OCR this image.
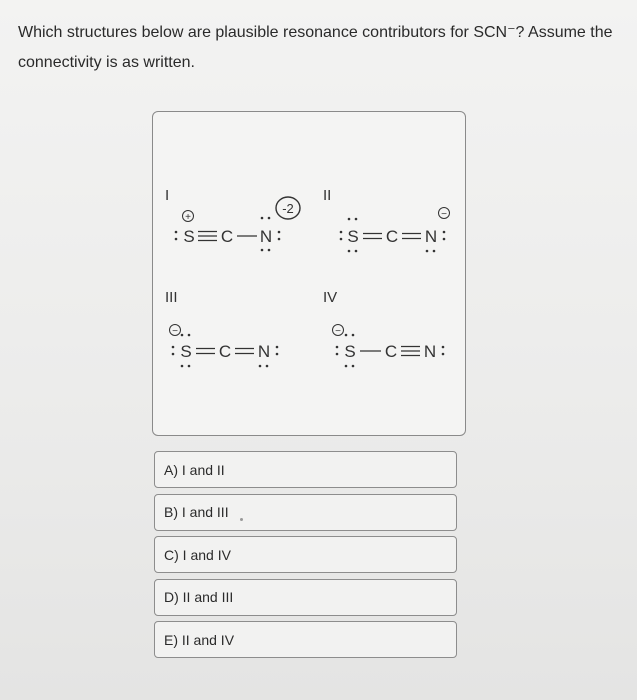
Which structures below are plausible resonance contributors for SCN⁻? Assume the connectivity is as written.

I
+
S C N
-2
II
S C N
−
III
−
S C N
IV
−
S C N
A) I and II
B) I and III
C) I and IV
D) II and III
E) II and IV
